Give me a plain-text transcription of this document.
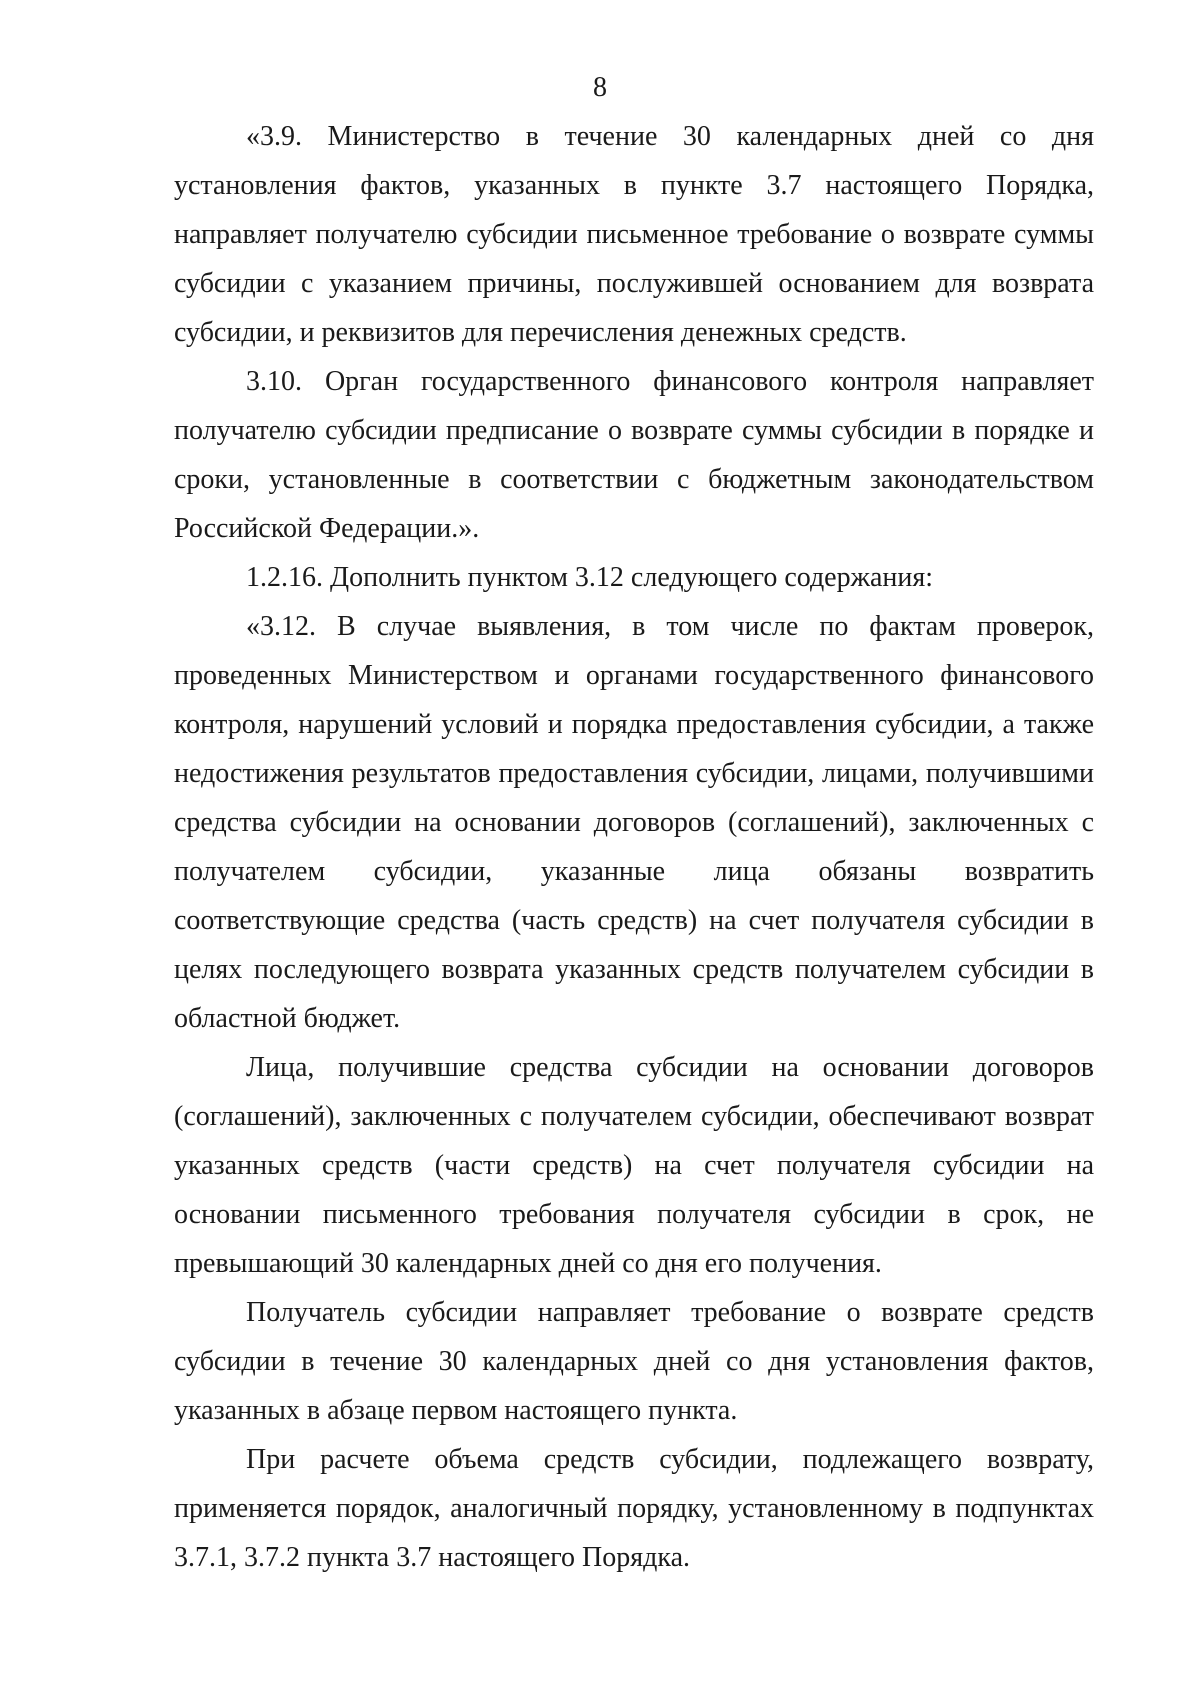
8

«3.9. Министерство в течение 30 календарных дней со дня установления фактов, указанных в пункте 3.7 настоящего Порядка, направляет получателю субсидии письменное требование о возврате суммы субсидии с указанием причины, послужившей основанием для возврата субсидии, и реквизитов для перечисления денежных средств.

3.10. Орган государственного финансового контроля направляет получателю субсидии предписание о возврате суммы субсидии в порядке и сроки, установленные в соответствии с бюджетным законодательством Российской Федерации.».

1.2.16. Дополнить пунктом 3.12 следующего содержания:

«3.12. В случае выявления, в том числе по фактам проверок, проведенных Министерством и органами государственного финансового контроля, нарушений условий и порядка предоставления субсидии, а также недостижения результатов предоставления субсидии, лицами, получившими средства субсидии на основании договоров (соглашений), заключенных с получателем субсидии, указанные лица обязаны возвратить соответствующие средства (часть средств) на счет получателя субсидии в целях последующего возврата указанных средств получателем субсидии в областной бюджет.

Лица, получившие средства субсидии на основании договоров (соглашений), заключенных с получателем субсидии, обеспечивают возврат указанных средств (части средств) на счет получателя субсидии на основании письменного требования получателя субсидии в срок, не превышающий 30 календарных дней со дня его получения.

Получатель субсидии направляет требование о возврате средств субсидии в течение 30 календарных дней со дня установления фактов, указанных в абзаце первом настоящего пункта.

При расчете объема средств субсидии, подлежащего возврату, применяется порядок, аналогичный порядку, установленному в подпунктах 3.7.1, 3.7.2 пункта 3.7 настоящего Порядка.
